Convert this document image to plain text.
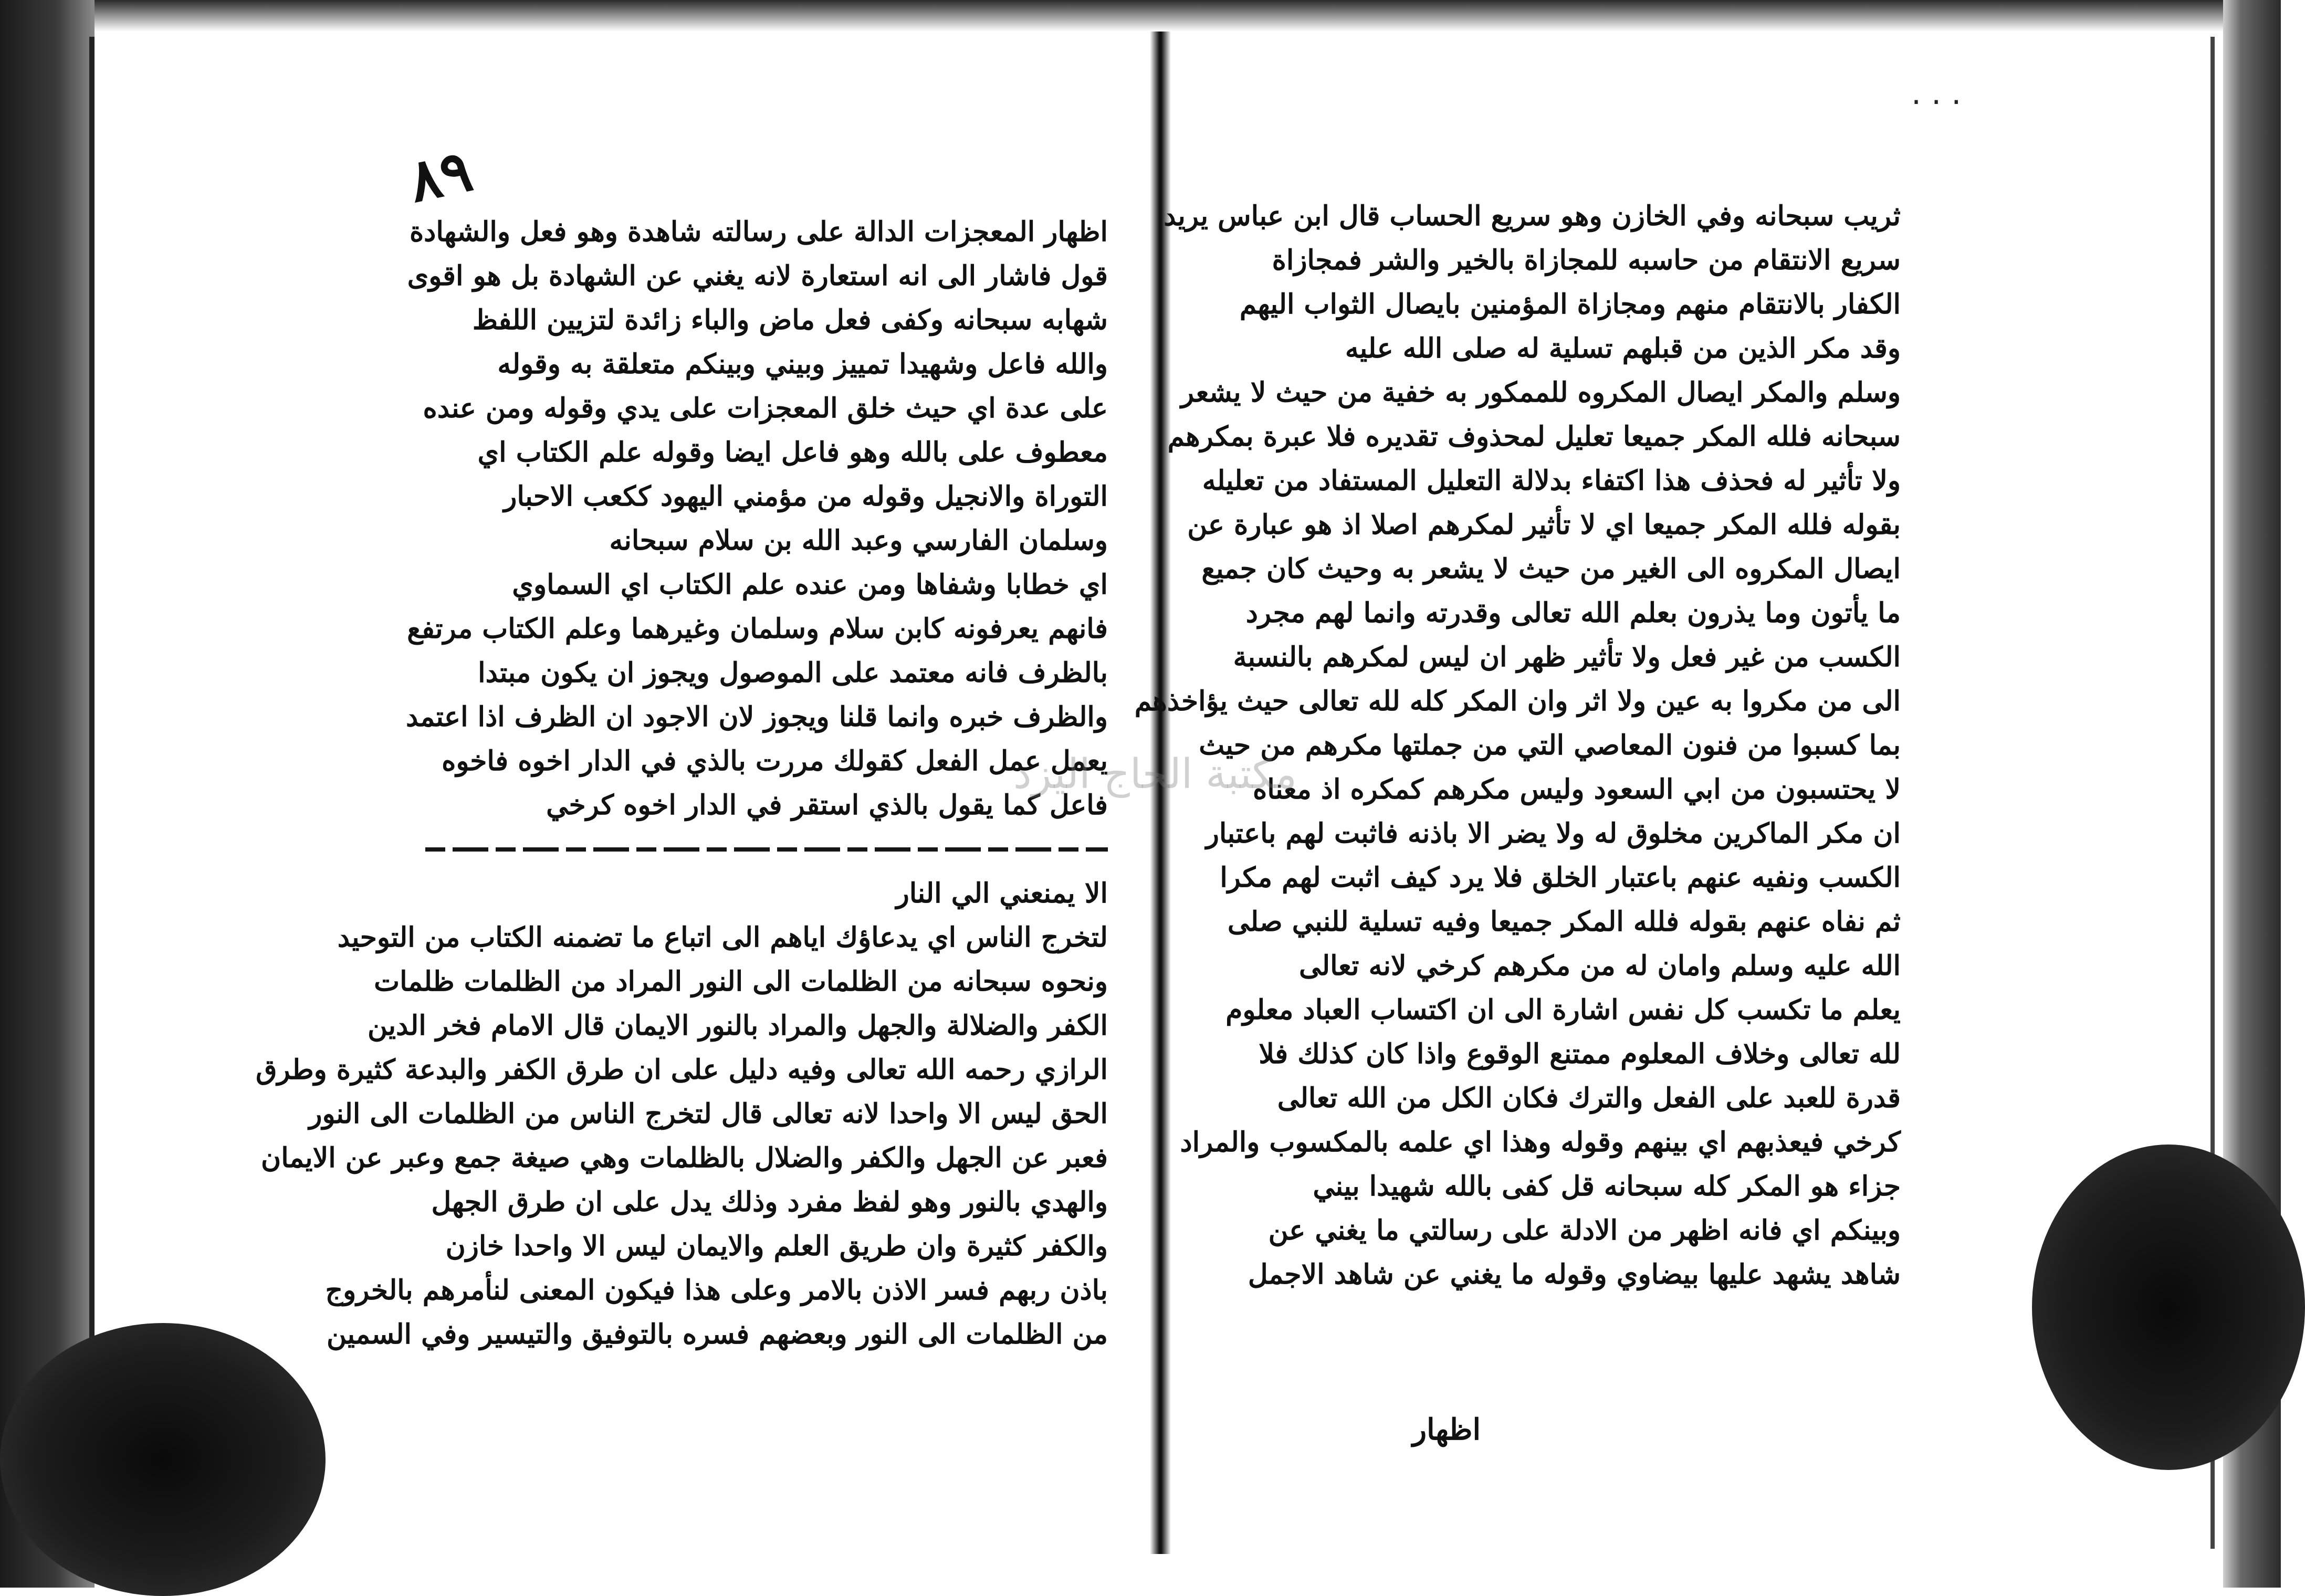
٨٩
· · ·
اظهار المعجزات الدالة على رسالته شاهدة وهو فعل والشهادة
قول فاشار الى انه استعارة لانه يغني عن الشهادة بل هو اقوى
شهابه سبحانه وكفى فعل ماض والباء زائدة لتزيين اللفظ
والله فاعل وشهيدا تمييز وبيني وبينكم متعلقة به وقوله
على عدة اي حيث خلق المعجزات على يدي وقوله ومن عنده
معطوف على بالله وهو فاعل ايضا وقوله علم الكتاب اي
التوراة والانجيل وقوله من مؤمني اليهود ككعب الاحبار
وسلمان الفارسي وعبد الله بن سلام سبحانه
اي خطابا وشفاها ومن عنده علم الكتاب اي السماوي
فانهم يعرفونه كابن سلام وسلمان وغيرهما وعلم الكتاب مرتفع
بالظرف فانه معتمد على الموصول ويجوز ان يكون مبتدا
والظرف خبره وانما قلنا ويجوز لان الاجود ان الظرف اذا اعتمد
يعمل عمل الفعل كقولك مررت بالذي في الدار اخوه فاخوه
فاعل كما يقول بالذي استقر في الدار اخوه كرخي
الا يمنعني الي النار
لتخرج الناس اي يدعاؤك اياهم الى اتباع ما تضمنه الكتاب من التوحيد
ونحوه سبحانه من الظلمات الى النور المراد من الظلمات ظلمات
الكفر والضلالة والجهل والمراد بالنور الايمان قال الامام فخر الدين
الرازي رحمه الله تعالى وفيه دليل على ان طرق الكفر والبدعة كثيرة وطرق
الحق ليس الا واحدا لانه تعالى قال لتخرج الناس من الظلمات الى النور
فعبر عن الجهل والكفر والضلال بالظلمات وهي صيغة جمع وعبر عن الايمان
والهدي بالنور وهو لفظ مفرد وذلك يدل على ان طرق الجهل
والكفر كثيرة وان طريق العلم والايمان ليس الا واحدا خازن
باذن ربهم فسر الاذن بالامر وعلى هذا فيكون المعنى لنأمرهم بالخروج
من الظلمات الى النور وبعضهم فسره بالتوفيق والتيسير وفي السمين
ثريب سبحانه وفي الخازن وهو سريع الحساب قال ابن عباس يريد
سريع الانتقام من حاسبه للمجازاة بالخير والشر فمجازاة
الكفار بالانتقام منهم ومجازاة المؤمنين بايصال الثواب اليهم
وقد مكر الذين من قبلهم تسلية له صلى الله عليه
وسلم والمكر ايصال المكروه للممكور به خفية من حيث لا يشعر
سبحانه فلله المكر جميعا تعليل لمحذوف تقديره فلا عبرة بمكرهم
ولا تأثير له فحذف هذا اكتفاء بدلالة التعليل المستفاد من تعليله
بقوله فلله المكر جميعا اي لا تأثير لمكرهم اصلا اذ هو عبارة عن
ايصال المكروه الى الغير من حيث لا يشعر به وحيث كان جميع
ما يأتون وما يذرون بعلم الله تعالى وقدرته وانما لهم مجرد
الكسب من غير فعل ولا تأثير ظهر ان ليس لمكرهم بالنسبة
الى من مكروا به عين ولا اثر وان المكر كله لله تعالى حيث يؤاخذهم
بما كسبوا من فنون المعاصي التي من جملتها مكرهم من حيث
لا يحتسبون من ابي السعود وليس مكرهم كمكره اذ معناه
ان مكر الماكرين مخلوق له ولا يضر الا باذنه فاثبت لهم باعتبار
الكسب ونفيه عنهم باعتبار الخلق فلا يرد كيف اثبت لهم مكرا
ثم نفاه عنهم بقوله فلله المكر جميعا وفيه تسلية للنبي صلى
الله عليه وسلم وامان له من مكرهم كرخي لانه تعالى
يعلم ما تكسب كل نفس اشارة الى ان اكتساب العباد معلوم
لله تعالى وخلاف المعلوم ممتنع الوقوع واذا كان كذلك فلا
قدرة للعبد على الفعل والترك فكان الكل من الله تعالى
كرخي فيعذبهم اي بينهم وقوله وهذا اي علمه بالمكسوب والمراد
جزاء هو المكر كله سبحانه قل كفى بالله شهيدا بيني
وبينكم اي فانه اظهر من الادلة على رسالتي ما يغني عن
شاهد يشهد عليها بيضاوي وقوله ما يغني عن شاهد الاجمل
مكتبة الحاج اليزد
اظهار
